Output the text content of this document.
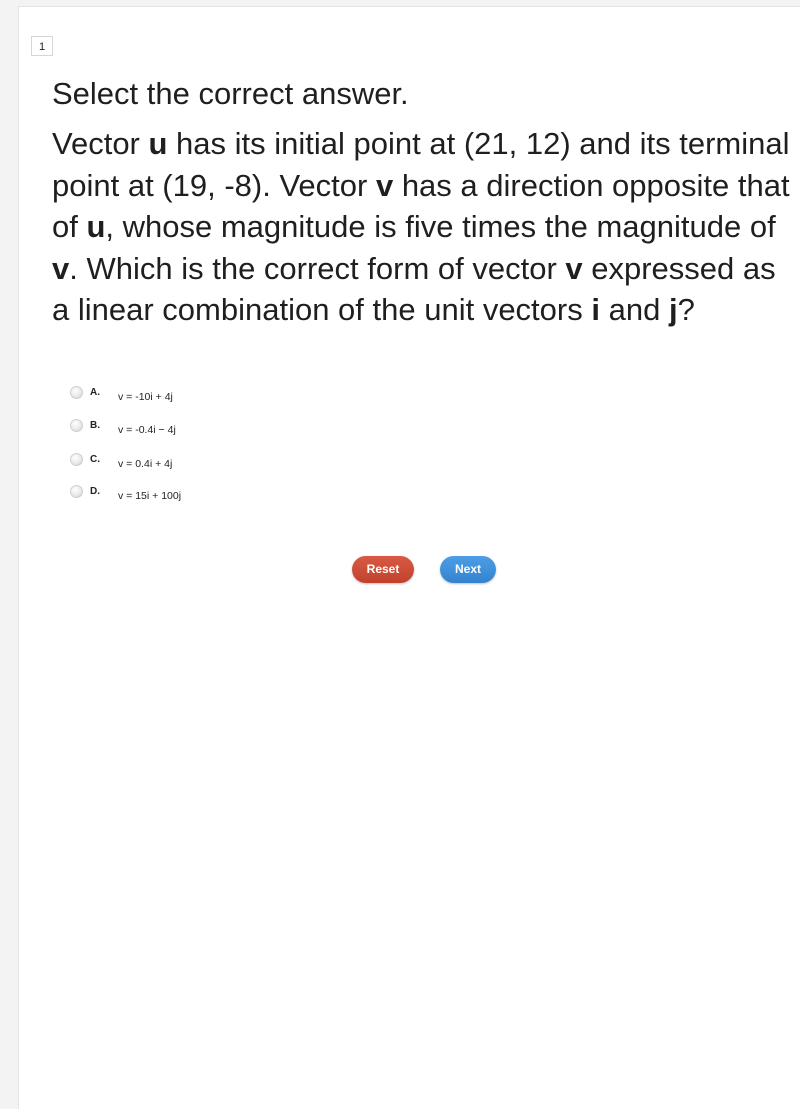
1
Select the correct answer.

Vector u has its initial point at (21, 12) and its terminal point at (19, -8). Vector v has a direction opposite that of u, whose magnitude is five times the magnitude of v. Which is the correct form of vector v expressed as a linear combination of the unit vectors i and j?

A. v = -10i + 4j
B. v = -0.4i − 4j
C. v = 0.4i + 4j
D. v = 15i + 100j
Reset	Next
